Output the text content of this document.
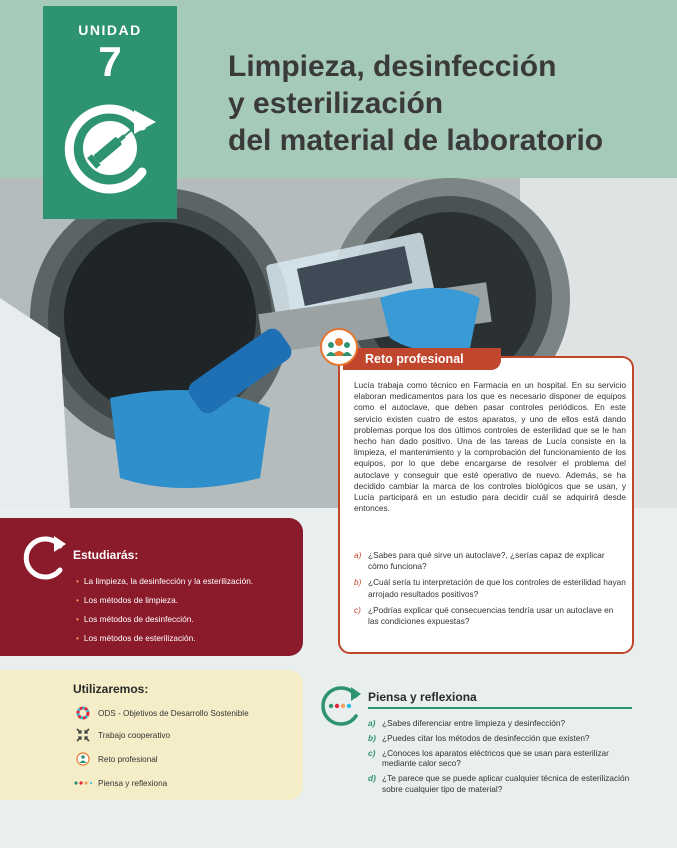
UNIDAD
7	Limpieza, desinfección
y esterilización
del material de laboratorio
Reto profesional

Lucía trabaja como técnico en Farmacia en un hospital. En su servicio elaboran medicamentos para los que es necesario disponer de equipos como el autoclave, que deben pasar controles periódicos. En este servicio existen cuatro de estos aparatos, y uno de ellos está dando problemas porque los dos últimos controles de esterilidad que se le han hecho han dado positivo. Una de las tareas de Lucía consiste en la limpieza, el mantenimiento y la comprobación del funcionamiento de los equipos, por lo que debe encargarse de resolver el problema del autoclave y conseguir que esté operativo de nuevo. Además, se ha decidido cambiar la marca de los controles biológicos que se usan, y Lucía participará en un estudio para decidir cuál se adquirirá desde entonces.

a) ¿Sabes para qué sirve un autoclave?, ¿serías capaz de explicar cómo funciona?
b) ¿Cuál sería tu interpretación de que los controles de esterilidad hayan arrojado resultados positivos?
c) ¿Podrías explicar qué consecuencias tendría usar un autoclave en las condiciones expuestas?
Estudiarás:
• La limpieza, la desinfección y la esterilización.
• Los métodos de limpieza.
• Los métodos de desinfección.
• Los métodos de esterilización.
Utilizaremos:
ODS - Objetivos de Desarrollo Sostenible
Trabajo cooperativo
Reto profesional
Piensa y reflexiona
Piensa y reflexiona
a) ¿Sabes diferenciar entre limpieza y desinfección?
b) ¿Puedes citar los métodos de desinfección que existen?
c) ¿Conoces los aparatos eléctricos que se usan para esterilizar mediante calor seco?
d) ¿Te parece que se puede aplicar cualquier técnica de esterilización sobre cualquier tipo de material?
